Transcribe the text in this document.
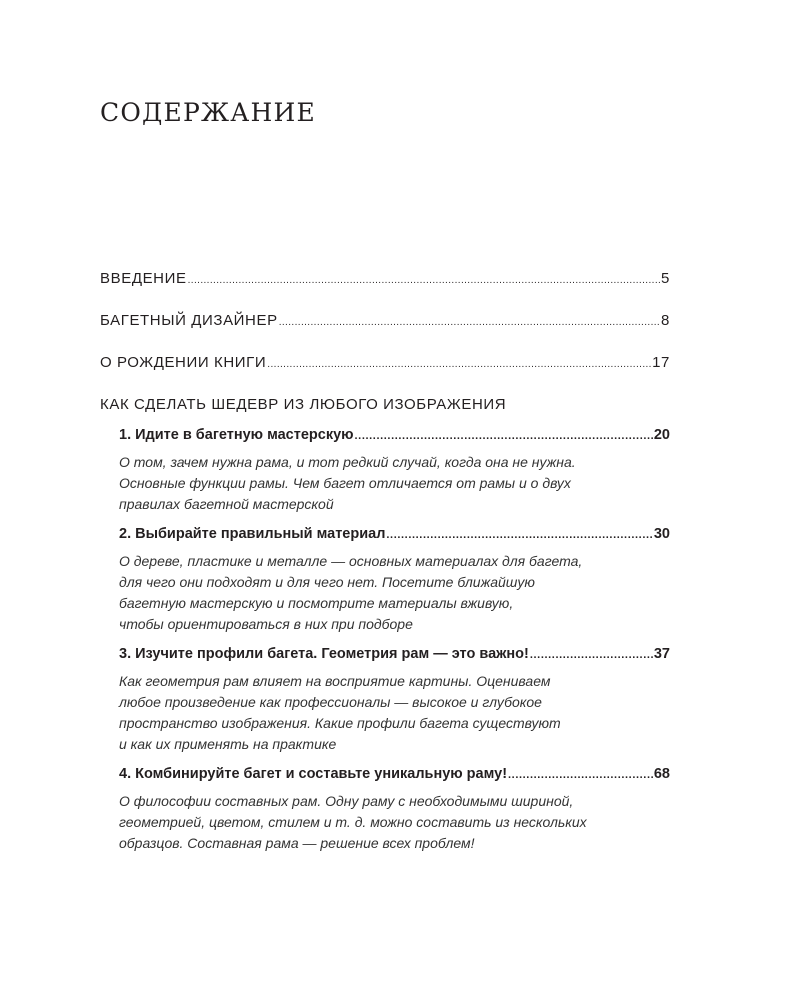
СОДЕРЖАНИЕ
ВВЕДЕНИЕ .....	5
БАГЕТНЫЙ ДИЗАЙНЕР .....	8
О РОЖДЕНИИ КНИГИ .....	17
КАК СДЕЛАТЬ ШЕДЕВР ИЗ ЛЮБОГО ИЗОБРАЖЕНИЯ
1. Идите в багетную мастерскую .....	20
О том, зачем нужна рама, и тот редкий случай, когда она не нужна.
Основные функции рамы. Чем багет отличается от рамы и о двух
правилах багетной мастерской
2. Выбирайте правильный материал .....	30
О дереве, пластике и металле — основных материалах для багета,
для чего они подходят и для чего нет. Посетите ближайшую
багетную мастерскую и посмотрите материалы вживую,
чтобы ориентироваться в них при подборе
3. Изучите профили багета. Геометрия рам — это важно! .....	37
Как геометрия рам влияет на восприятие картины. Оцениваем
любое произведение как профессионалы — высокое и глубокое
пространство изображения. Какие профили багета существуют
и как их применять на практике
4. Комбинируйте багет и составьте уникальную раму! .....	68
О философии составных рам. Одну раму с необходимыми шириной,
геометрией, цветом, стилем и т. д. можно составить из нескольких
образцов. Составная рама — решение всех проблем!
